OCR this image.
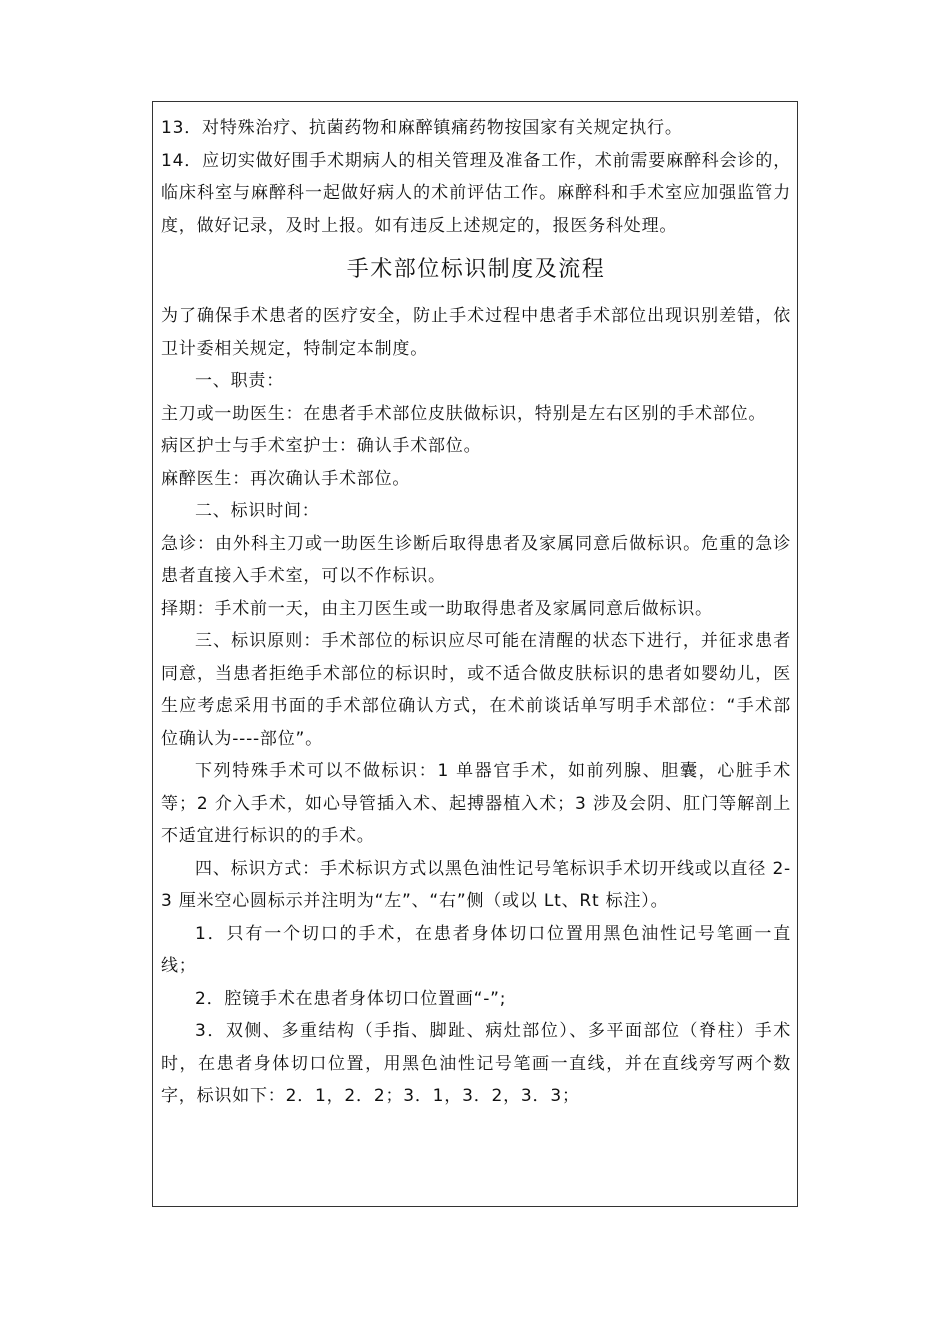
13．对特殊治疗、抗菌药物和麻醉镇痛药物按国家有关规定执行。

14．应切实做好围手术期病人的相关管理及准备工作，术前需要麻醉科会诊的，临床科室与麻醉科一起做好病人的术前评估工作。麻醉科和手术室应加强监管力度，做好记录，及时上报。如有违反上述规定的，报医务科处理。

手术部位标识制度及流程

为了确保手术患者的医疗安全，防止手术过程中患者手术部位出现识别差错，依卫计委相关规定，特制定本制度。

一、职责：

主刀或一助医生：在患者手术部位皮肤做标识，特别是左右区别的手术部位。

病区护士与手术室护士：确认手术部位。

麻醉医生：再次确认手术部位。

二、标识时间：

急诊：由外科主刀或一助医生诊断后取得患者及家属同意后做标识。危重的急诊患者直接入手术室，可以不作标识。

择期：手术前一天，由主刀医生或一助取得患者及家属同意后做标识。

三、标识原则：手术部位的标识应尽可能在清醒的状态下进行，并征求患者同意，当患者拒绝手术部位的标识时，或不适合做皮肤标识的患者如婴幼儿，医生应考虑采用书面的手术部位确认方式，在术前谈话单写明手术部位：“手术部位确认为----部位”。

下列特殊手术可以不做标识：1 单器官手术，如前列腺、胆囊，心脏手术等；2 介入手术，如心导管插入术、起搏器植入术；3 涉及会阴、肛门等解剖上不适宜进行标识的的手术。

四、标识方式：手术标识方式以黑色油性记号笔标识手术切开线或以直径 2-3 厘米空心圆标示并注明为“左”、“右”侧（或以 Lt、Rt 标注）。

1．只有一个切口的手术，在患者身体切口位置用黑色油性记号笔画一直线；

2．腔镜手术在患者身体切口位置画“-”;

3．双侧、多重结构（手指、脚趾、病灶部位）、多平面部位（脊柱）手术时，在患者身体切口位置，用黑色油性记号笔画一直线，并在直线旁写两个数字，标识如下：2．1，2．2；3．1，3．2，3．3；
